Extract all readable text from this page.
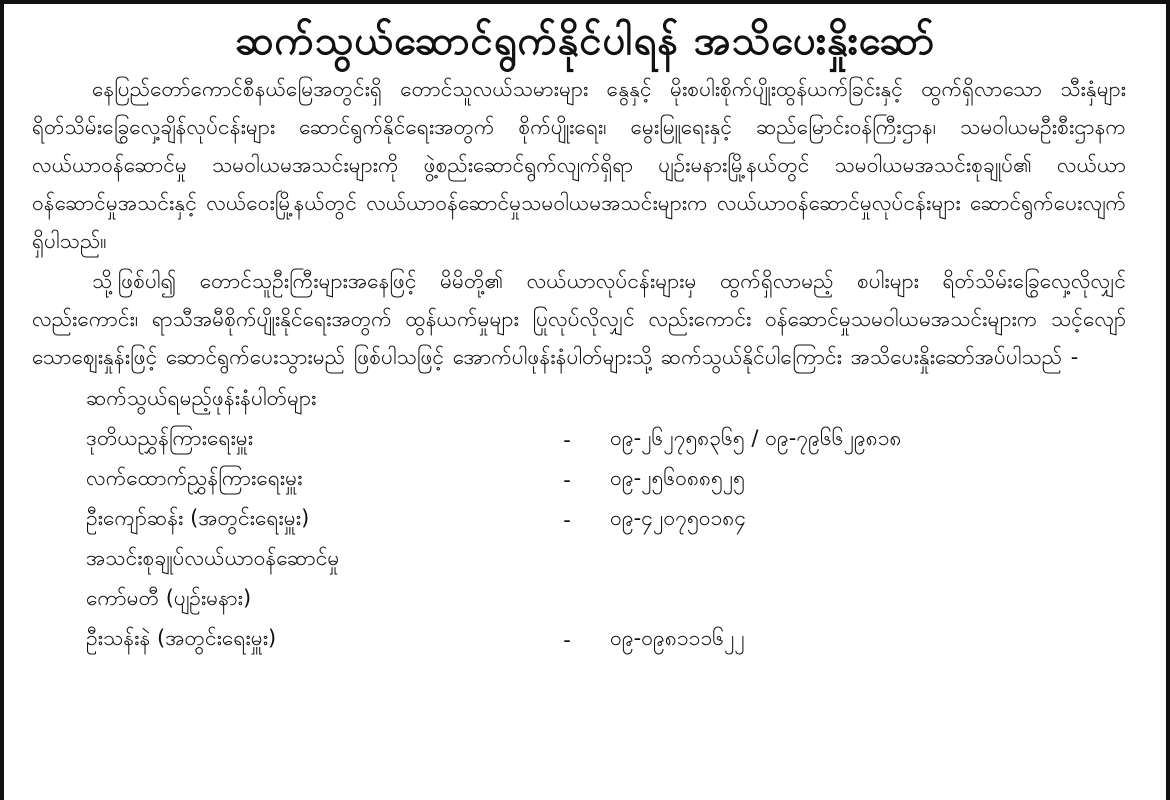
ဆက်သွယ်ဆောင်ရွက်နိုင်ပါရန် အသိပေးနှိုးဆော်

နေပြည်တော်ကောင်စီနယ်မြေအတွင်းရှိ တောင်သူလယ်သမားများ နွေနှင့် မိုးစပါးစိုက်ပျိုးထွန်ယက်ခြင်းနှင့် ထွက်ရှိလာသော သီးနှံများ ရိတ်သိမ်းခြွေလှေ့ချိန်လုပ်ငန်းများ ဆောင်ရွက်နိုင်ရေးအတွက် စိုက်ပျိုးရေး၊ မွေးမြူရေးနှင့် ဆည်မြောင်းဝန်ကြီးဌာန၊ သမဝါယမဦးစီးဌာနက လယ်ယာဝန်ဆောင်မှု သမဝါယမအသင်းများကို ဖွဲ့စည်းဆောင်ရွက်လျက်ရှိရာ ပျဉ်းမနားမြို့နယ်တွင် သမဝါယမအသင်းစုချုပ်၏ လယ်ယာဝန်ဆောင်မှုအသင်းနှင့် လယ်ဝေးမြို့နယ်တွင် လယ်ယာဝန်ဆောင်မှုသမဝါယမအသင်းများက လယ်ယာဝန်ဆောင်မှုလုပ်ငန်းများ ဆောင်ရွက်ပေးလျက်ရှိပါသည်။

သို့ဖြစ်ပါ၍ တောင်သူဦးကြီးများအနေဖြင့် မိမိတို့၏ လယ်ယာလုပ်ငန်းများမှ ထွက်ရှိလာမည့် စပါးများ ရိတ်သိမ်းခြွေလှေ့လိုလျှင်လည်းကောင်း၊ ရာသီအမီစိုက်ပျိုးနိုင်ရေးအတွက် ထွန်ယက်မှုများ ပြုလုပ်လိုလျှင် လည်းကောင်း ဝန်ဆောင်မှုသမဝါယမအသင်းများက သင့်လျော်သောဈေးနှုန်းဖြင့် ဆောင်ရွက်ပေးသွားမည် ဖြစ်ပါသဖြင့် အောက်ပါဖုန်းနံပါတ်များသို့ ဆက်သွယ်နိုင်ပါကြောင်း အသိပေးနှိုးဆော်အပ်ပါသည် -

ဆက်သွယ်ရမည့်ဖုန်းနံပါတ်များ
ဒုတိယညွှန်ကြားရေးမှူး	-	၀၉-၂၆၂၇၅၈၃၆၅ / ၀၉-၇၉၆၆၂၉၈၁၈
လက်ထောက်ညွှန်ကြားရေးမှူး	-	၀၉-၂၅၆၀၈၈၅၂၅
ဦးကျော်ဆန်း (အတွင်းရေးမှူး)	-	၀၉-၄၂၀၇၅၀၁၈၄
အသင်းစုချုပ်လယ်ယာဝန်ဆောင်မှု
ကော်မတီ (ပျဉ်းမနား)
ဦးသန်းနဲ (အတွင်းရေးမှူး)	-	၀၉-၀၉၈၁၁၁၆၂၂
